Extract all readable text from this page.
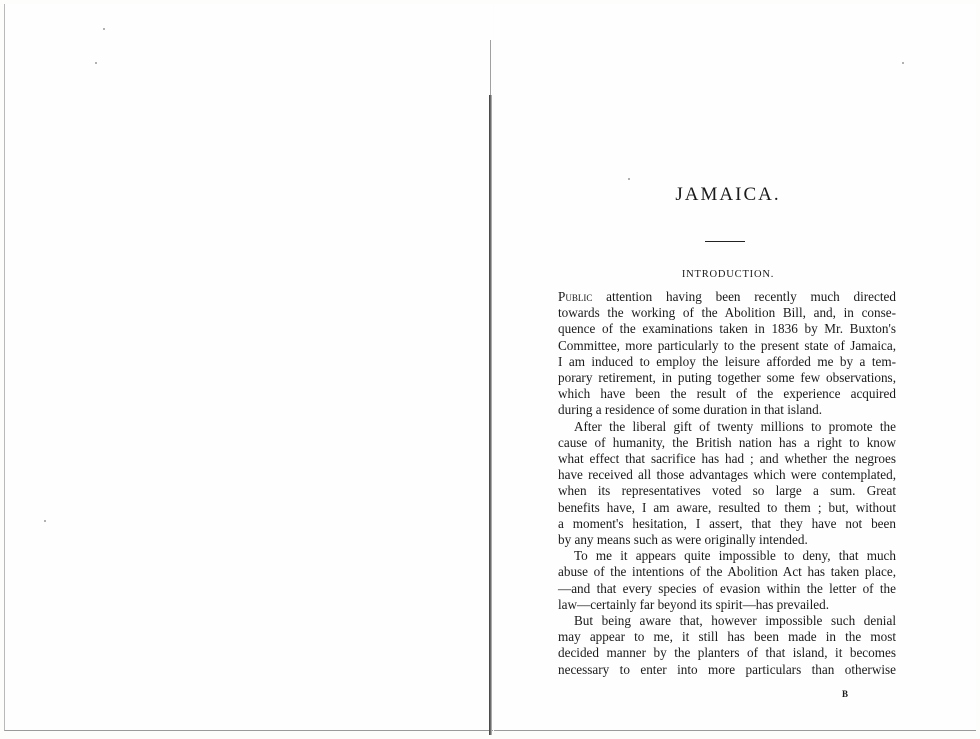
JAMAICA.
INTRODUCTION.
Public attention having been recently much directed
towards the working of the Abolition Bill, and, in conse-
quence of the examinations taken in 1836 by Mr. Buxton's
Committee, more particularly to the present state of Jamaica,
I am induced to employ the leisure afforded me by a tem-
porary retirement, in puting together some few observations,
which have been the result of the experience acquired
during a residence of some duration in that island.
After the liberal gift of twenty millions to promote the
cause of humanity, the British nation has a right to know
what effect that sacrifice has had ; and whether the negroes
have received all those advantages which were contemplated,
when its representatives voted so large a sum. Great
benefits have, I am aware, resulted to them ; but, without
a moment's hesitation, I assert, that they have not been
by any means such as were originally intended.
To me it appears quite impossible to deny, that much
abuse of the intentions of the Abolition Act has taken place,
—and that every species of evasion within the letter of the
law—certainly far beyond its spirit—has prevailed.
But being aware that, however impossible such denial
may appear to me, it still has been made in the most
decided manner by the planters of that island, it becomes
necessary to enter into more particulars than otherwise
B
